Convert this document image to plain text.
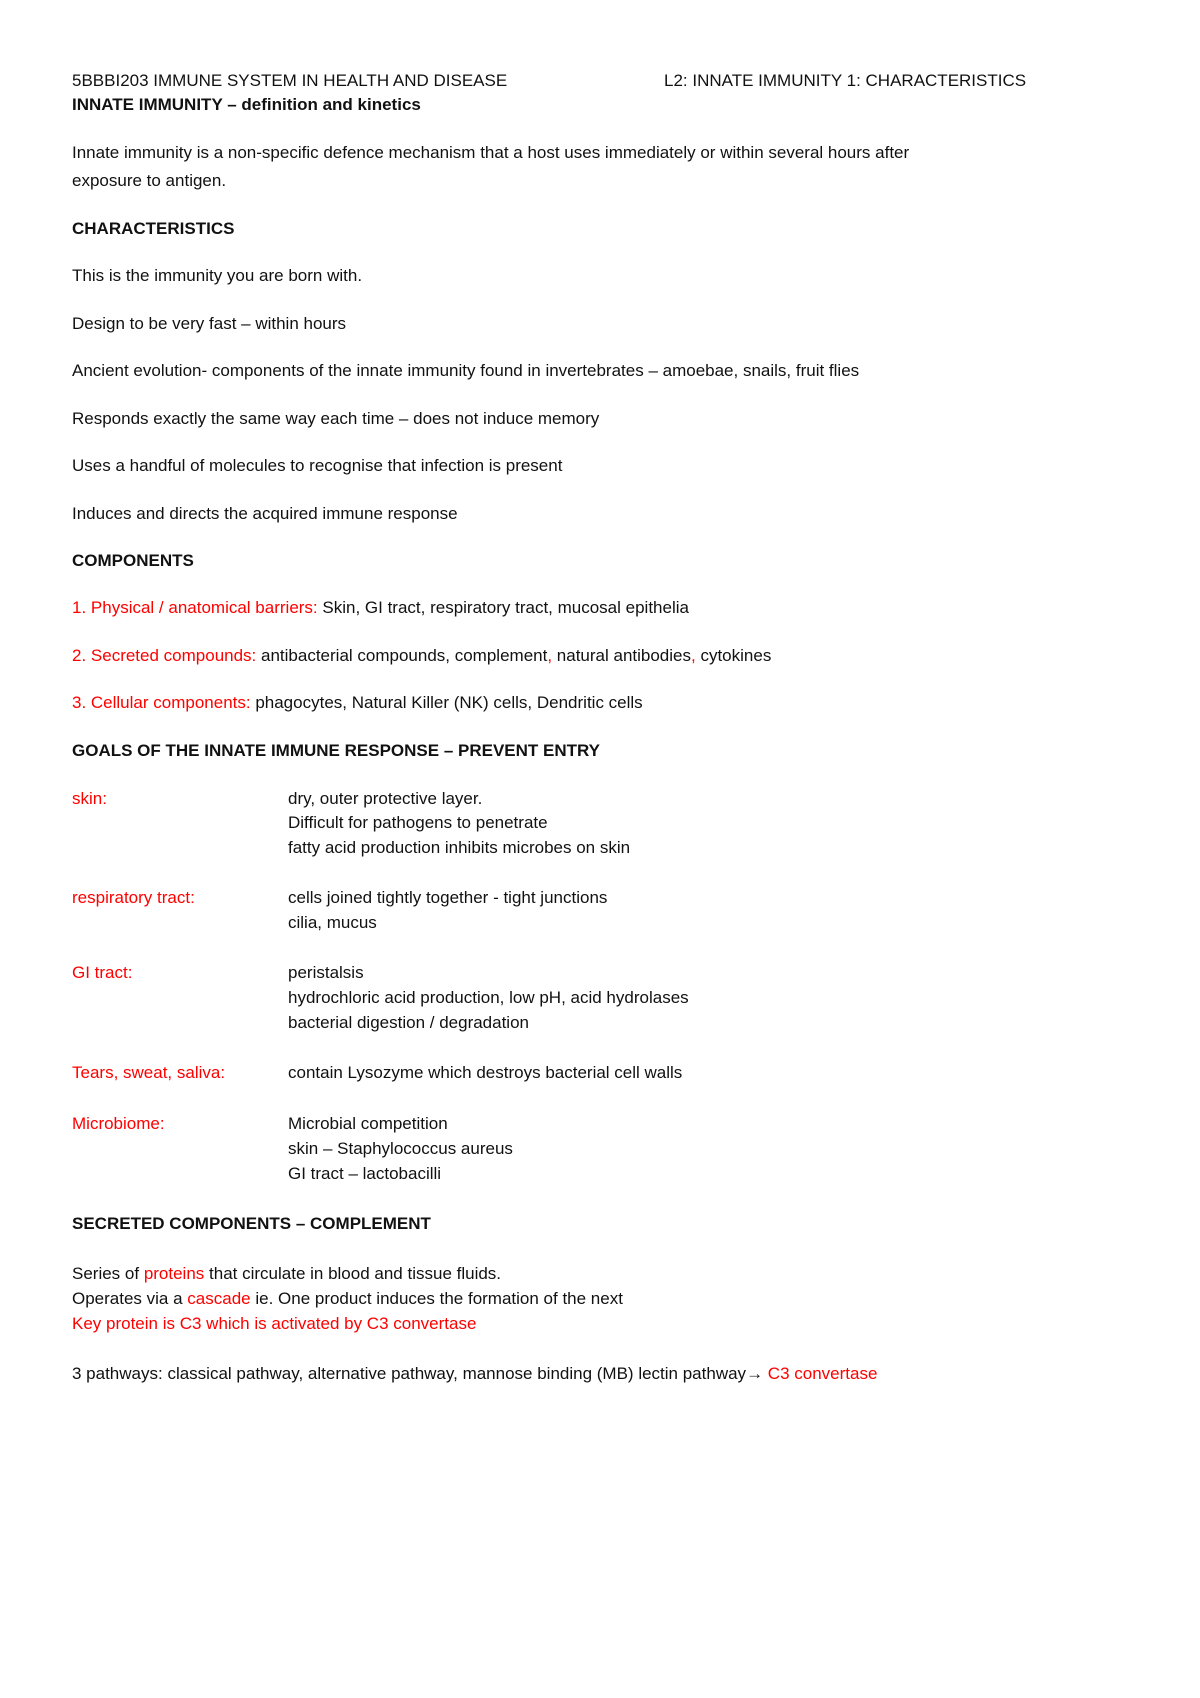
5BBBI203 IMMUNE SYSTEM IN HEALTH AND DISEASE	L2: INNATE IMMUNITY 1: CHARACTERISTICS
INNATE IMMUNITY – definition and kinetics
Innate immunity is a non-specific defence mechanism that a host uses immediately or within several hours after
exposure to antigen.
CHARACTERISTICS
This is the immunity you are born with.
Design to be very fast – within hours
Ancient evolution- components of the innate immunity found in invertebrates – amoebae, snails, fruit flies
Responds exactly the same way each time – does not induce memory
Uses a handful of molecules to recognise that infection is present
Induces and directs the acquired immune response
COMPONENTS
1. Physical / anatomical barriers: Skin, GI tract, respiratory tract, mucosal epithelia
2. Secreted compounds: antibacterial compounds, complement, natural antibodies, cytokines
3. Cellular components: phagocytes, Natural Killer (NK) cells, Dendritic cells
GOALS OF THE INNATE IMMUNE RESPONSE – PREVENT ENTRY
skin:	dry, outer protective layer.
Difficult for pathogens to penetrate
fatty acid production inhibits microbes on skin
respiratory tract:	cells joined tightly together - tight junctions
cilia, mucus
GI tract:	peristalsis
hydrochloric acid production, low pH, acid hydrolases
bacterial digestion / degradation
Tears, sweat, saliva:	contain Lysozyme which destroys bacterial cell walls
Microbiome:	Microbial competition
skin – Staphylococcus aureus
GI tract – lactobacilli
SECRETED COMPONENTS – COMPLEMENT
Series of proteins that circulate in blood and tissue fluids.
Operates via a cascade ie. One product induces the formation of the next
Key protein is C3 which is activated by C3 convertase
3 pathways: classical pathway, alternative pathway, mannose binding (MB) lectin pathway→ C3 convertase
